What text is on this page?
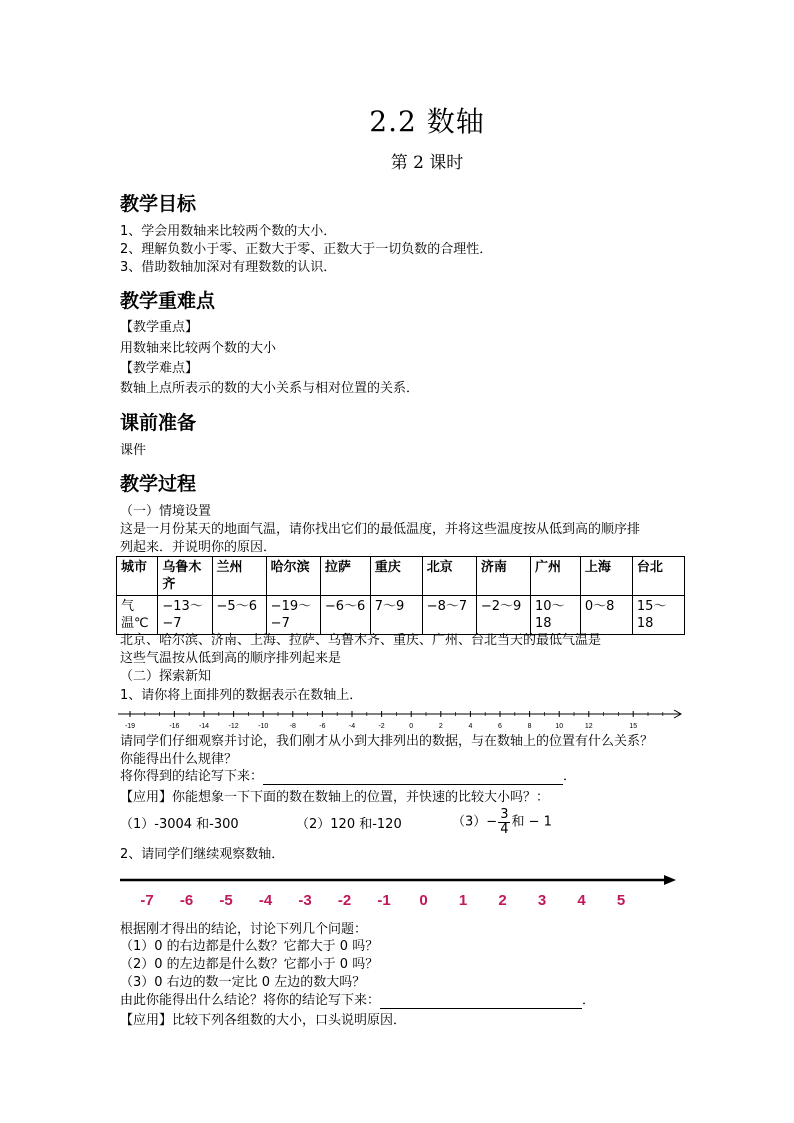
2.2 数轴
第 2 课时
教学目标
1、学会用数轴来比较两个数的大小．
2、理解负数小于零、正数大于零、正数大于一切负数的合理性．
3、借助数轴加深对有理数数的认识．
教学重难点
【教学重点】
用数轴来比较两个数的大小
【教学难点】
数轴上点所表示的数的大小关系与相对位置的关系．
课前准备
课件
教学过程
（一）情境设置
这是一月份某天的地面气温，请你找出它们的最低温度，并将这些温度按从低到高的顺序排
列起来．并说明你的原因．
城市	乌鲁木齐	兰州	哈尔滨	拉萨	重庆	北京	济南	广州	上海	台北
气温℃	−13～−7	−5～6	−19～−7	−6～6	7～9	−8～7	−2～9	10～18	0～8	15～18
北京、哈尔滨、济南、上海、拉萨、乌鲁木齐、重庆、广州、台北当天的最低气温是
这些气温按从低到高的顺序排列起来是
（二）探索新知
1、请你将上面排列的数据表示在数轴上．
-19	-16	-14	-12	-10	-8	-6	-4	-2	0	2	4	6	8	10	12	15
请同学们仔细观察并讨论，我们刚才从小到大排列出的数据，与在数轴上的位置有什么关系？
你能得出什么规律？
将你得到的结论写下来：	．
【应用】你能想象一下下面的数在数轴上的位置，并快速的比较大小吗？：
（1）-3004 和-300	（2）120 和-120	$(3)- \frac{3}{4}$ 和 − 1
2、请同学们继续观察数轴．
-7 -6 -5 -4 -3 -2 -1 0 1 2 3 4 5
根据刚才得出的结论，讨论下列几个问题：
（1）0 的右边都是什么数？它都大于 0 吗？
（2）0 的左边都是什么数？它都小于 0 吗？
（3）0 右边的数一定比 0 左边的数大吗？
由此你能得出什么结论？将你的结论写下来：	．
【应用】比较下列各组数的大小，口头说明原因．
